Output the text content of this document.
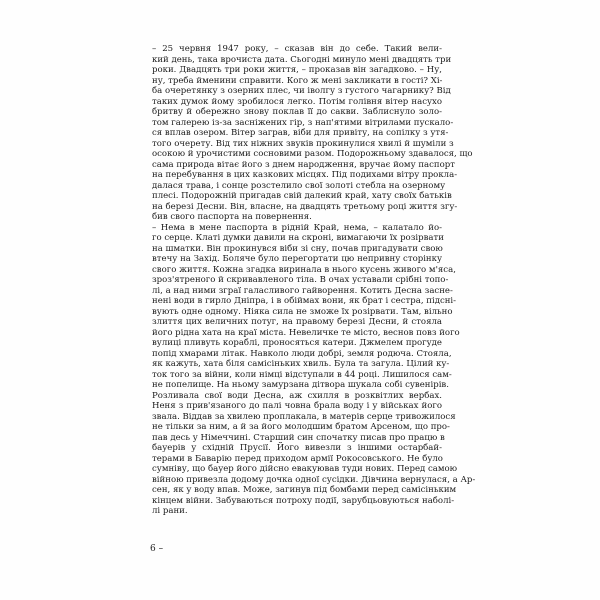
– 25 червня 1947 року, – сказав він до себе. Такий вели-
кий день, така врочиста дата. Сьогодні минуло мені двадцять три
роки. Двадцять три роки життя, – проказав він загадково. – Ну,
ну, треба йменини справити. Кого ж мені закликати в гості? Хі-
ба очеретянку з озерних плес, чи іволгу з густого чагарнику? Від
таких думок йому зробилося легко. Потім голівня вітер насухо
бритву й обережно знову поклав її до сакви. Заблиснуло золо-
том галерею із-за засніжених гір, з нап'ятими вітрилами пускало-
ся вплав озером. Вітер заграв, віби для привіту, на сопілку з утя-
того очерету. Від тих ніжних звуків прокинулися хвилі й шуміли з
осокою й урочистими сосновими разом. Подорожньому здавалося, що
сама природа вітає його з днем народження, вручає йому паспорт
на перебування в цих казкових місцях. Під подихами вітру прокла-
далася трава, і сонце розстелило свої золоті стебла на озерному
плесі. Подорожній пригадав свій далекий край, хату своїх батьків
на березі Десни. Він, власне, на двадцять третьому році життя згу-
бив свого паспорта на повернення.
– Нема в мене паспорта в рідній Край, нема, – калатало йо-
го серце. Клаті думки давили на скроні, вимагаючи їх розірвати
на шматки. Він прокинувся віби зі сну, почав пригадувати свою
втечу на Захід. Боляче було перегортати цю непривну сторінку
свого життя. Кожна згадка виринала в нього кусень живого м'яса,
зроз'ятреного й скривавленого тіла. В очах уставали срібні топо-
лі, а над ними зграї галасливого гайворення. Котить Десна засне-
нені води в гирло Дніпра, і в обіймах вони, як брат і сестра, підсні-
вують одне одному. Ніяка сила не зможе їх розірвати. Там, вільно
злиття цих величних потуг, на правому березі Десни, й стояла
його рідна хата на краї міста. Невеличке те місто, веснов повз його
вулиці пливуть кораблі, проносяться катери. Джмелем прогуде
попід хмарами літак. Навколо люди добрі, земля родюча. Стояла,
як кажуть, хата біля самісіньких хвиль. Була та загула. Цілий ку-
ток того за війни, коли німці відступали в 44 році. Лишилося сам-
не попелище. На ньому замурзана дітвора шукала собі сувенірів.
Розливала свої води Десна, аж схилля в розквітлих вербах.
Неня з прив'язаного до палі човна брала воду і у військах його
звала. Віддав за хвилею проплакала, в матерів серце тривожилося
не тільки за ним, а й за його молодшим братом Арсеном, що про-
пав десь у Німеччині. Старший син спочатку писав про працю в
бауерів у східній Прусії. Його вивезли з іншими остарбай-
терами в Баварію перед приходом армії Рокосовського. Не було
сумніву, що бауер його дійсно евакуював туди нових. Перед самою
війною привезла додому дочка одної сусідки. Дівчина вернулася, а Ар-
сен, як у воду впав. Може, загинув під бомбами перед самісіньким
кінцем війни. Забуваються потроху події, зарубцьовуються наболі-
лі рани.
6 –
